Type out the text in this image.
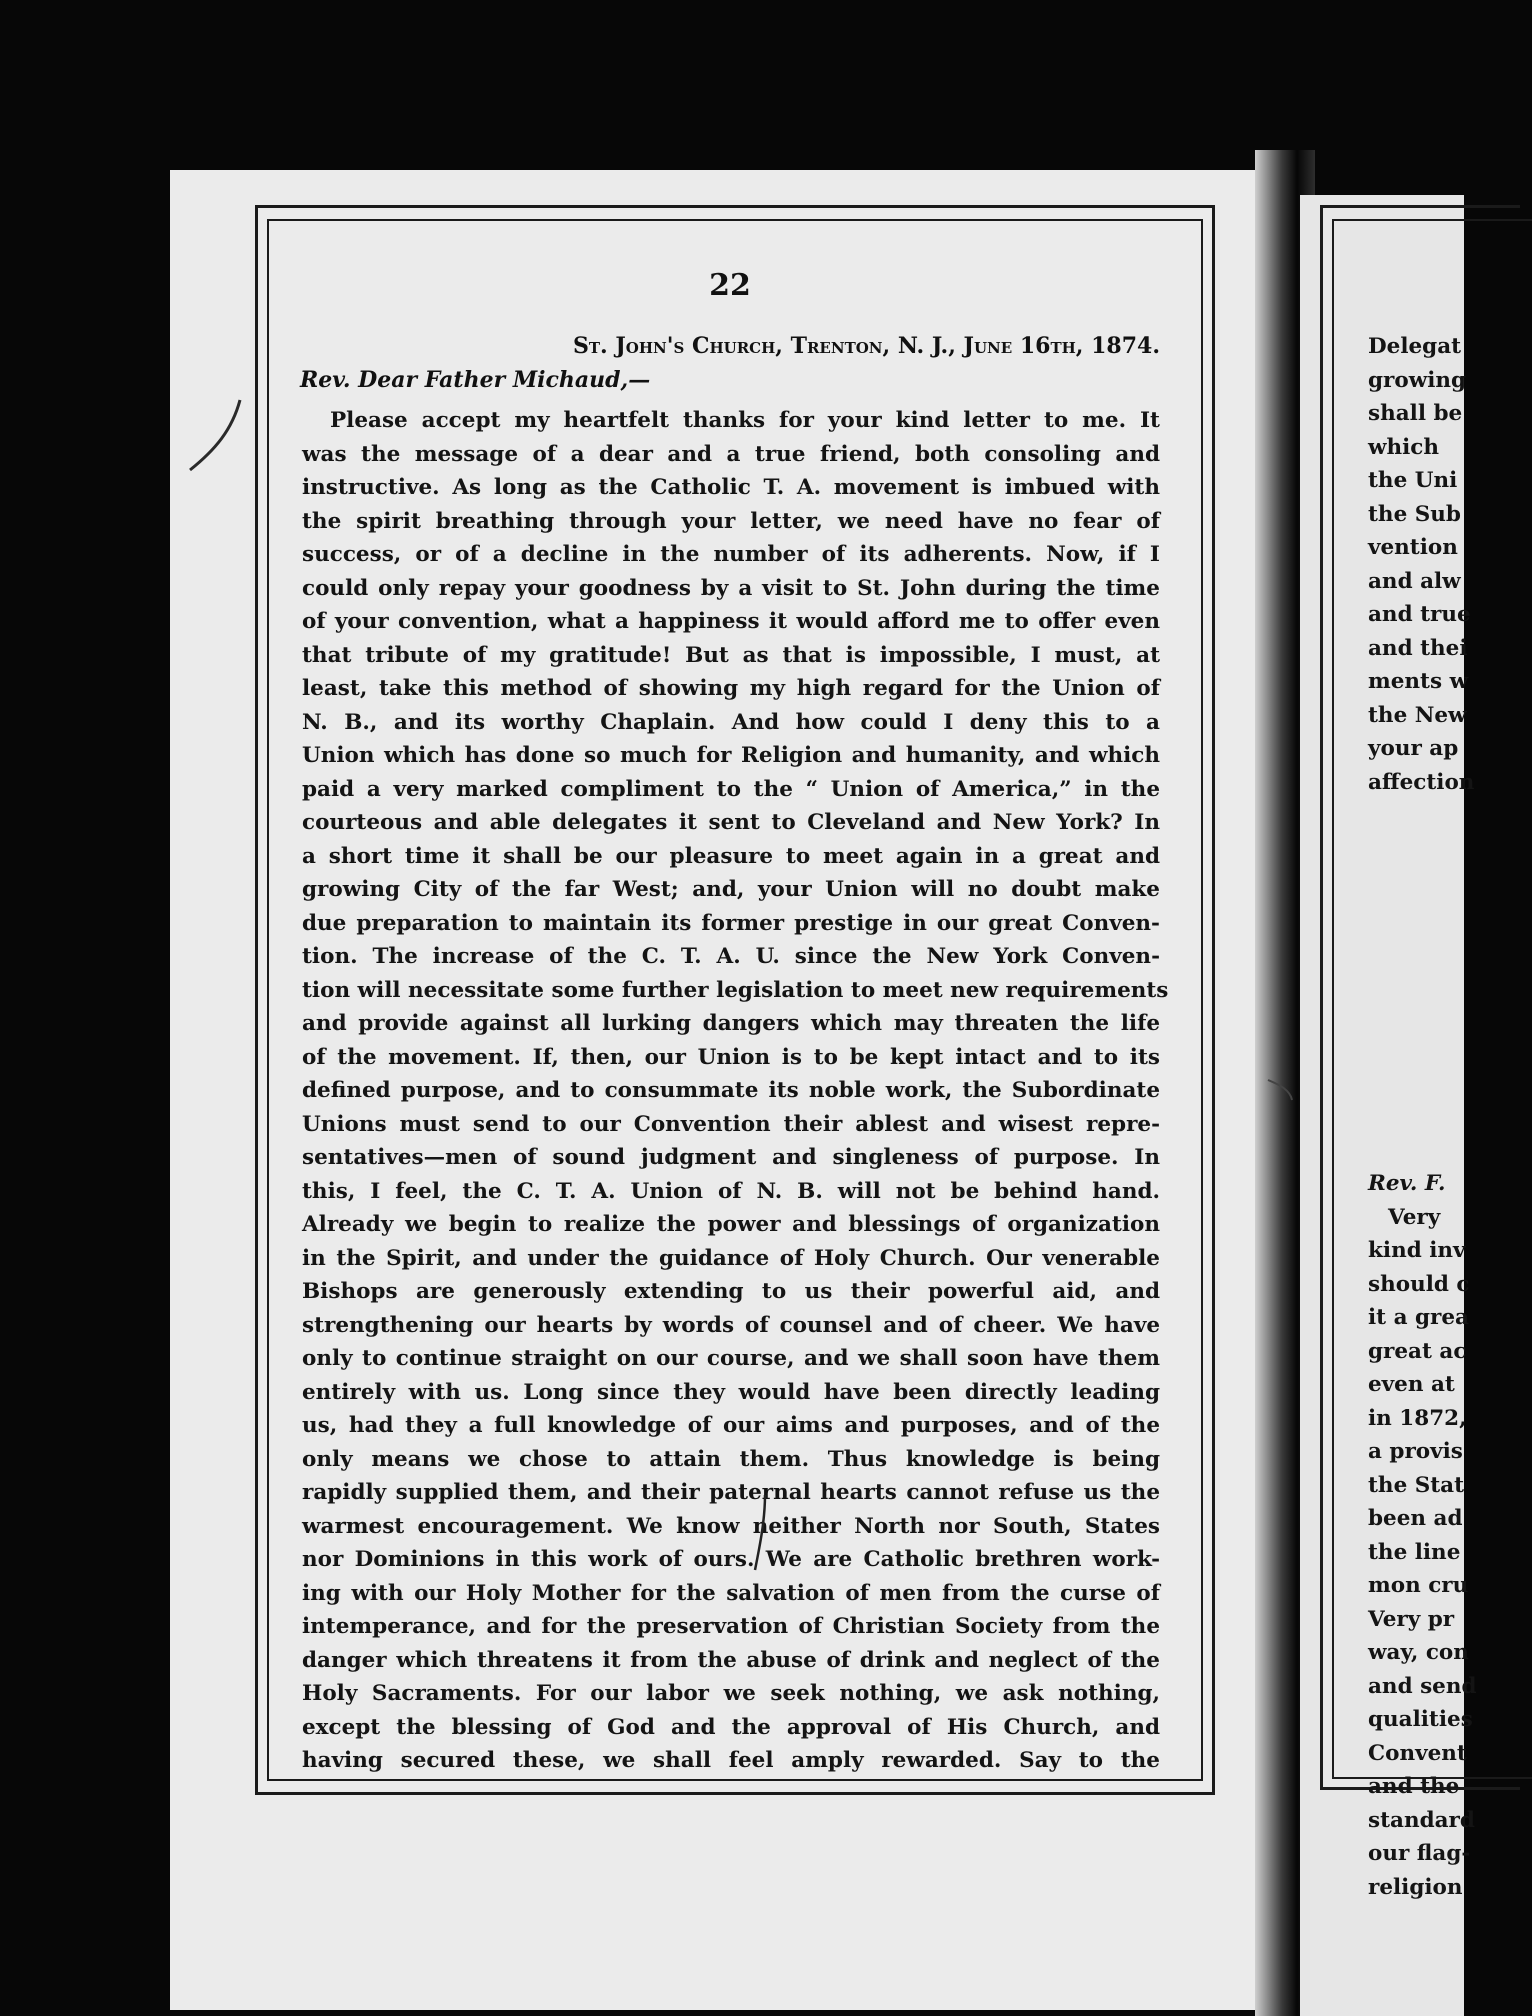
22
St. John's Church, Trenton, N. J., June 16th, 1874.
Rev. Dear Father Michaud,—
Please accept my heartfelt thanks for your kind letter to me. It
was the message of a dear and a true friend, both consoling and
instructive. As long as the Catholic T. A. movement is imbued with
the spirit breathing through your letter, we need have no fear of
success, or of a decline in the number of its adherents. Now, if I
could only repay your goodness by a visit to St. John during the time
of your convention, what a happiness it would afford me to offer even
that tribute of my gratitude! But as that is impossible, I must, at
least, take this method of showing my high regard for the Union of
N. B., and its worthy Chaplain. And how could I deny this to a
Union which has done so much for Religion and humanity, and which
paid a very marked compliment to the “ Union of America,” in the
courteous and able delegates it sent to Cleveland and New York? In
a short time it shall be our pleasure to meet again in a great and
growing City of the far West; and, your Union will no doubt make
due preparation to maintain its former prestige in our great Conven-
tion. The increase of the C. T. A. U. since the New York Conven-
tion will necessitate some further legislation to meet new requirements
and provide against all lurking dangers which may threaten the life
of the movement. If, then, our Union is to be kept intact and to its
defined purpose, and to consummate its noble work, the Subordinate
Unions must send to our Convention their ablest and wisest repre-
sentatives—men of sound judgment and singleness of purpose. In
this, I feel, the C. T. A. Union of N. B. will not be behind hand.
Already we begin to realize the power and blessings of organization
in the Spirit, and under the guidance of Holy Church. Our venerable
Bishops are generously extending to us their powerful aid, and
strengthening our hearts by words of counsel and of cheer. We have
only to continue straight on our course, and we shall soon have them
entirely with us. Long since they would have been directly leading
us, had they a full knowledge of our aims and purposes, and of the
only means we chose to attain them. Thus knowledge is being
rapidly supplied them, and their paternal hearts cannot refuse us the
warmest encouragement. We know neither North nor South, States
nor Dominions in this work of ours. We are Catholic brethren work-
ing with our Holy Mother for the salvation of men from the curse of
intemperance, and for the preservation of Christian Society from the
danger which threatens it from the abuse of drink and neglect of the
Holy Sacraments. For our labor we seek nothing, we ask nothing,
except the blessing of God and the approval of His Church, and
having secured these, we shall feel amply rewarded. Say to the
Delegat
growing
shall be
which
the Uni
the Sub
vention
and alw
and true
and thei
ments w
the New
your ap
affection
Rev. F.
Very
kind inv
should c
it a grea
great ac
even at
in 1872,
a provis
the Stat
been ad
the line
mon cru
Very pr
way, con
and send
qualities
Convent
and the
standard
our flag-
religion
